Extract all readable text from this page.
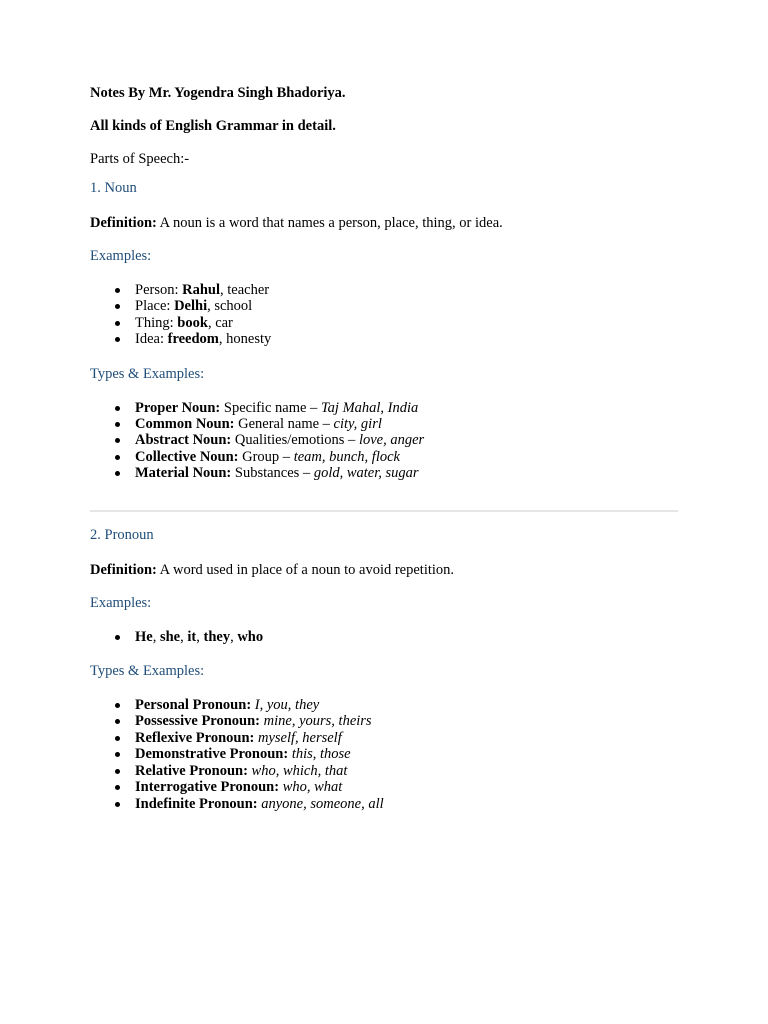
Notes By Mr. Yogendra Singh Bhadoriya.

All kinds of English Grammar in detail.

Parts of Speech:-

1. Noun

Definition: A noun is a word that names a person, place, thing, or idea.

Examples:

Person: Rahul, teacher
Place: Delhi, school
Thing: book, car
Idea: freedom, honesty

Types & Examples:

Proper Noun: Specific name – Taj Mahal, India
Common Noun: General name – city, girl
Abstract Noun: Qualities/emotions – love, anger
Collective Noun: Group – team, bunch, flock
Material Noun: Substances – gold, water, sugar

2. Pronoun

Definition: A word used in place of a noun to avoid repetition.

Examples:

He, she, it, they, who

Types & Examples:

Personal Pronoun: I, you, they
Possessive Pronoun: mine, yours, theirs
Reflexive Pronoun: myself, herself
Demonstrative Pronoun: this, those
Relative Pronoun: who, which, that
Interrogative Pronoun: who, what
Indefinite Pronoun: anyone, someone, all
